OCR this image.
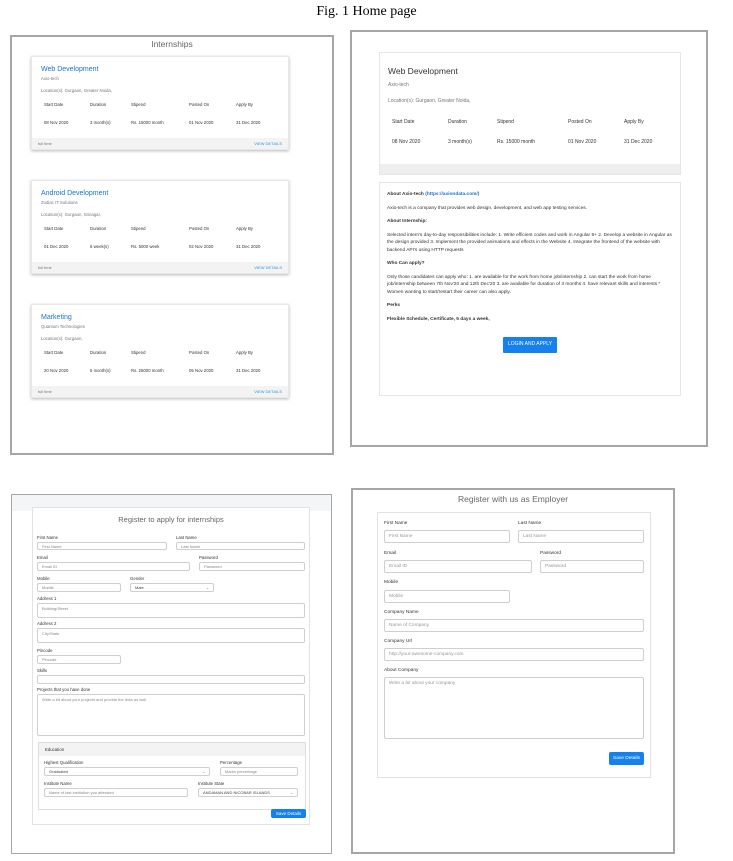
Fig. 1 Home page
Internships
Web Development
Axio-tech
Location(s): Gurgaon, Greater Noida,
Start Date	Duration	Stipend	Posted On	Apply By
08 Nov 2020	3 month(s)	Rs. 15000 month	01 Nov 2020	31 Dec 2020
full time	VIEW DETAILS
Android Development
Zodiac IT Solutions
Location(s): Gurgaon, Srinagar,
Start Date	Duration	Stipend	Posted On	Apply By
01 Dec 2020	6 week(s)	Rs. 5000 week	02 Nov 2020	31 Dec 2020
full time	VIEW DETAILS
Marketing
Quantum Technologies
Location(s): Gurgaon,
Start Date	Duration	Stipend	Posted On	Apply By
20 Nov 2020	5 month(s)	Rs. 25000 month	05 Nov 2020	31 Dec 2020
full time	VIEW DETAILS
Web Development
Axio-tech
Location(s): Gurgaon, Greater Noida,
Start Date	Duration	Stipend	Posted On	Apply By
08 Nov 2020	3 month(s)	Rs. 15000 month	01 Nov 2020	31 Dec 2020
About Axio-tech (https://axiondata.com/)

Axio-tech is a company that provides web design, development, and web app testing services.

About Internship:

Selected intern's day-to-day responsibilities include: 1. Write efficient codes and work in Angular 8+ 2. Develop a website in Angular as the design provided 3. Implement the provided animations and effects in the Website 4. Integrate the frontend of the website with backend API's using HTTP requests

Who Can apply?

Only those candidates can apply who: 1. are available for the work from home job/internship 2. can start the work from home job/internship between 7th Nov'20 and 12th Dec'20 3. are available for duration of 3 months 4. have relevant skills and interests * Women wanting to start/restart their career can also apply.

Perks
Flexible Schedule, Certificate, 5 days a week,
LOGIN AND APPLY
Register to apply for internships
First Name
First Name
Last Name
Last Name
Email
Email ID
Password
Password
Mobile
Mobile
Gender
Male	⌄
Address 1
Building/Street
Address 2
City/State
Pincode
Pincode
Skills
Projects that you have done
Write a bit about your projects and provide the links as well
Education
Highest Qualification
Graduated	⌄
Percentage
Marks percentage
Institute Name
Name of last institution you attended
Institute State
ANDAMAN AND NICOBAR ISLANDS	⌄
Save Details
Register with us as Employer
First Name
First Name
Last Name
Last Name
Email
Email ID
Password
Password
Mobile
Mobile
Company Name
Name of Company
Company Url
http://your-awesome-company.com
About Company
Write a bit about your company
Save Details
